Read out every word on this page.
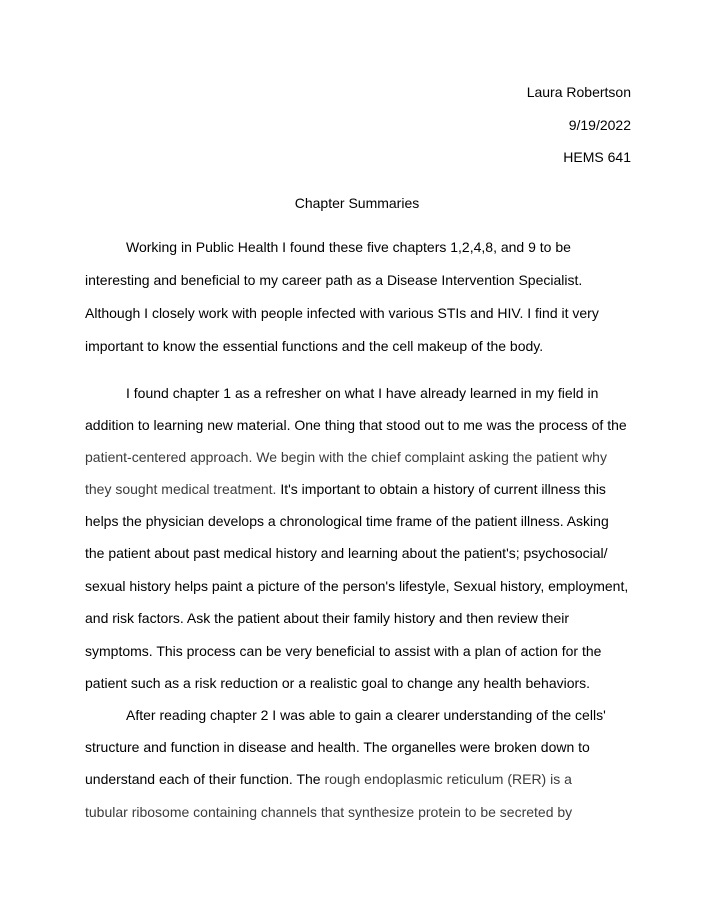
Laura Robertson
9/19/2022
HEMS 641
Chapter Summaries
Working in Public Health I found these five chapters 1,2,4,8, and 9 to be
interesting and beneficial to my career path as a Disease Intervention Specialist.
Although I closely work with people infected with various STIs and HIV. I find it very
important to know the essential functions and the cell makeup of the body.
I found chapter 1 as a refresher on what I have already learned in my field in
addition to learning new material. One thing that stood out to me was the process of the
patient-centered approach. We begin with the chief complaint asking the patient why
they sought medical treatment. It's important to obtain a history of current illness this
helps the physician develops a chronological time frame of the patient illness. Asking
the patient about past medical history and learning about the patient's; psychosocial/
sexual history helps paint a picture of the person's lifestyle, Sexual history, employment,
and risk factors. Ask the patient about their family history and then review their
symptoms. This process can be very beneficial to assist with a plan of action for the
patient such as a risk reduction or a realistic goal to change any health behaviors.
After reading chapter 2 I was able to gain a clearer understanding of the cells'
structure and function in disease and health. The organelles were broken down to
understand each of their function. The rough endoplasmic reticulum (RER) is a
tubular ribosome containing channels that synthesize protein to be secreted by
